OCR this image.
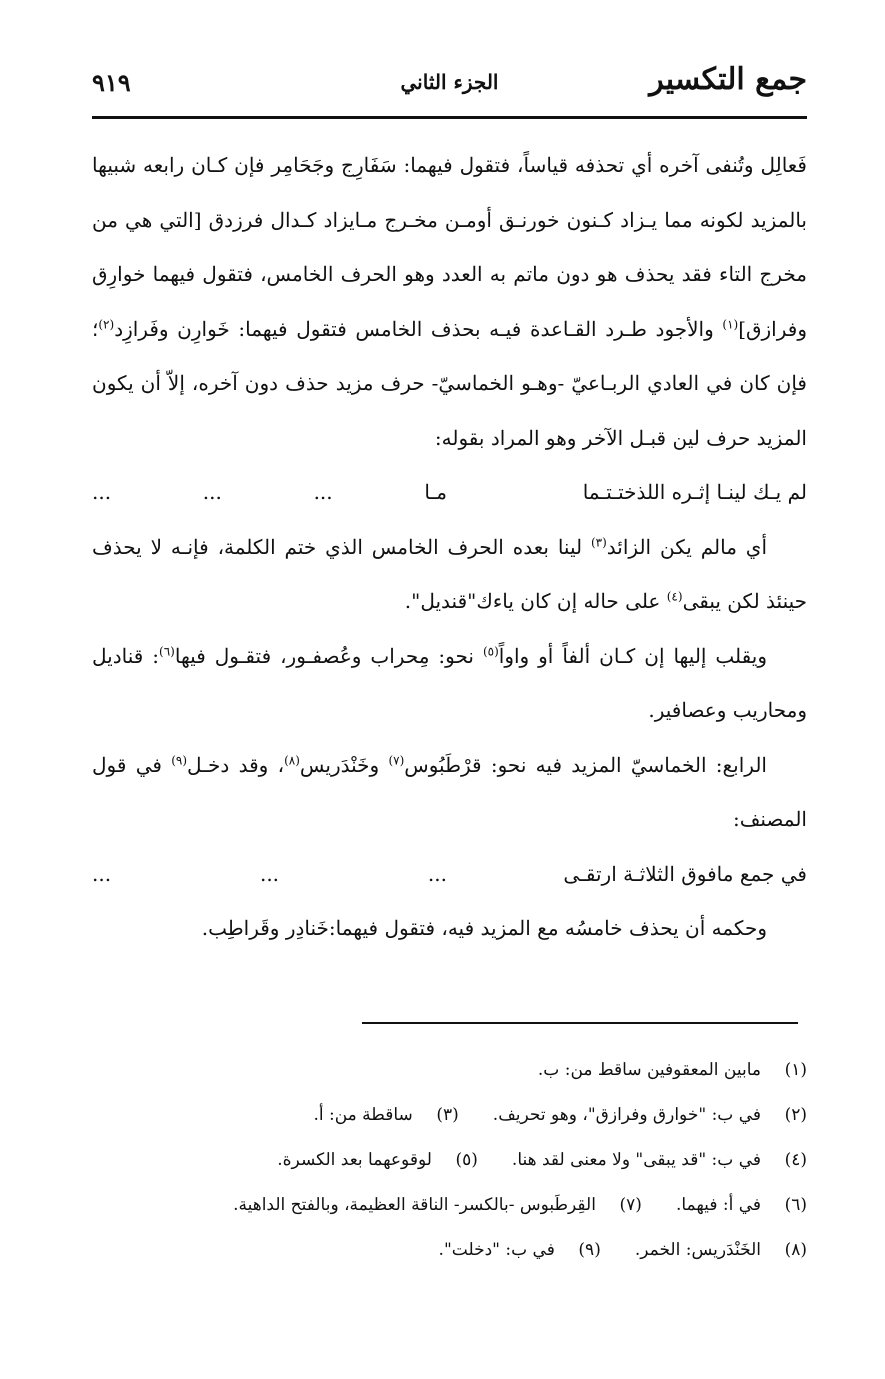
جمع التكسير
الجزء الثاني
٩١٩

فَعالِل وتُنفى آخره أي تحذفه قياساً، فتقول فيهما: سَفَارِج وجَحَامِر فإن كـان رابعه شبيها بالمزيد لكونه مما يـزاد كـنون خورنـق أومـن مخـرج مـايزاد كـدال فرزدق [التي هي من مخرج التاء فقد يحذف هو دون ماتم به العدد وهو الحرف الخامس، فتقول فيهما خوارِق وفرازق]$^{(١)}$ والأجود طـرد القـاعدة فيـه بحذف الخامس فتقول فيهما: خَوارِن وفَرازِد$^{(٢)}$؛ فإن كان في العادي الربـاعيّ -وهـو الخماسيّ- حرف مزيد حذف دون آخره، إلاّ أن يكون المزيد حرف لين قبـل الآخر وهو المراد بقوله:

لم يـك لينـا إثـره اللذختـتـما
مـا
...
...
...

أي مالم يكن الزائد$^{(٣)}$ لينا بعده الحرف الخامس الذي ختم الكلمة، فإنـه لا يحذف حينئذ لكن يبقى$^{(٤)}$ على حاله إن كان ياءك"قنديل".

ويقلب إليها إن كـان ألفاً أو واواً$^{(٥)}$ نحو: مِحراب وعُصفـور، فتقـول فيها$^{(٦)}$: قناديل ومحاريب وعصافير.

الرابع: الخماسيّ المزيد فيه نحو: قرْطَبُوس$^{(٧)}$ وخَنْدَريس$^{(٨)}$، وقد دخـل$^{(٩)}$ في قول المصنف:

في جمع مافوق الثلاثـة ارتقـى
...
...
...

وحكمه أن يحذف خامسُه مع المزيد فيه، فتقول فيهما:خَنادِر وقَراطِب.

(١)
مابين المعقوفين ساقط من: ب.
(٢)
في ب: "خوارق وفرازق"، وهو تحريف.
(٣)
ساقطة من: أ.
(٤)
في ب: "قد يبقى" ولا معنى لقد هنا.
(٥)
لوقوعهما بعد الكسرة.
(٦)
في أ: فيهما.
(٧)
القِرطَبوس -بالكسر- الناقة العظيمة، وبالفتح الداهية.
(٨)
الخَنْدَريس: الخمر.
(٩)
في ب: "دخلت".
